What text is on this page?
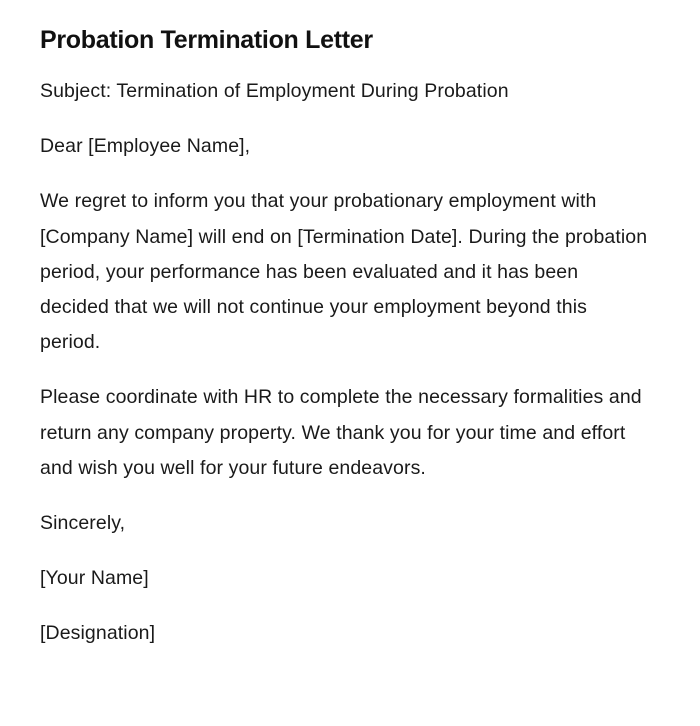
Probation Termination Letter

Subject: Termination of Employment During Probation

Dear [Employee Name],

We regret to inform you that your probationary employment with [Company Name] will end on [Termination Date]. During the probation period, your performance has been evaluated and it has been decided that we will not continue your employment beyond this period.

Please coordinate with HR to complete the necessary formalities and return any company property. We thank you for your time and effort and wish you well for your future endeavors.

Sincerely,

[Your Name]

[Designation]
